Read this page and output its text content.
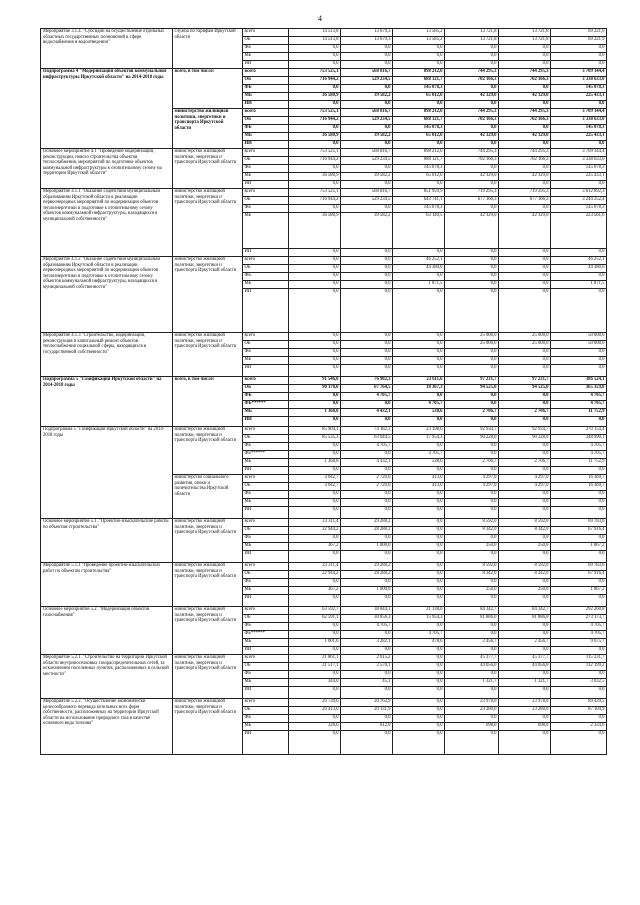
4
Мероприятие 3.1.4. "Субсидии на осуществление отдельных областных государственных полномочий в сфере водоснабжения и водоотведения"	служба по тарифам Иркутской области	всего	14 513,8	13 679,3	13 585,2	13 721,8	13 721,8	69 221,9
		ОБ	14 513,8	13 679,3	13 585,2	13 721,8	13 721,8	69 221,9
		ФБ	0,0	0,0	0,0	0,0	0,0	0,0
		МБ	0,0	0,0	0,0	0,0	0,0	0,0
		ИИ	0,0	0,0	0,0	0,0	0,0	0,0
Подпрограмма 4 "Модернизация объектов коммунальной инфраструктуры Иркутской области" на 2014-2018 годы	всего, в том числе:	всего	753 525,1	568 816,7	898 212,0	744 295,3	744 295,3	3 709 144,4
		ОБ	716 944,2	529 234,5	688 121,7	702 166,3	702 166,3	3 338 633,0
		ФБ	0,0	0,0	145 078,3	0,0	0,0	145 078,3
		МБ	36 580,9	39 582,2	65 012,0	42 129,0	42 129,0	225 433,1
		ИИ	0,0	0,0	0,0	0,0	0,0	0,0
	министерство жилищной политики, энергетики и транспорта Иркутской области	всего	753 525,1	568 816,7	898 212,0	744 295,3	744 295,3	3 709 144,4
		ОБ	716 944,2	529 234,5	688 121,7	702 166,3	702 166,3	3 338 633,0
		ФБ	0,0	0,0	145 078,3	0,0	0,0	145 078,3
		МБ	36 580,9	39 582,2	65 012,0	42 129,0	42 129,0	225 433,1
		ИИ	0,0	0,0	0,0	0,0	0,0	0,0
Основное мероприятие 4.1 "Проведение модернизации, реконструкции, нового строительства объектов теплоснабжения, мероприятий по подготовке объектов коммунальной инфраструктуры к отопительному сезону на территории Иркутской области"	министерство жилищной политики, энергетики и транспорта Иркутской области	всего	753 525,1	568 816,7	898 212,0	744 295,3	744 295,3	3 709 144,4
		ОБ	716 944,2	529 234,5	688 121,7	702 166,3	702 166,3	3 338 633,0
		ФБ	0,0	0,0	145 078,3	0,0	0,0	145 078,3
		МБ	36 580,9	39 582,2	65 012,0	42 129,0	42 129,0	225 433,1
		ИИ	0,0	0,0	0,0	0,0	0,0	0,0
Мероприятие 4.1.1 "Оказание содействия муниципальным образованиям Иркутской области в реализации первоочередных мероприятий по модернизации объектов теплоэнергетики и подготовке к отопительному сезону объектов коммунальной инфраструктуры, находящихся в муниципальной собственности"	министерство жилищной политики, энергетики и транспорта Иркутской области	всего	753 525,1	568 816,7	851 959,9	719 295,3	719 295,3	3 612 892,3
		ОБ	716 944,2	529 234,5	643 741,1	677 166,3	677 166,3	3 244 252,4
		ФБ	0,0	0,0	145 078,3	0,0	0,0	145 078,3
		МБ	36 580,9	39 582,2	63 140,5	42 129,0	42 129,0	223 561,6
		ИИ	0,0	0,0	0,0	0,0	0,0	0,0
Мероприятие 4.1.2 "Оказание содействия муниципальным образованиям Иркутской области в реализации первоочередных мероприятий по модернизации объектов теплоэнергетики и подготовке к отопительному сезону объектов коммунальной инфраструктуры, находящихся в муниципальной собственности"	министерство жилищной политики, энергетики и транспорта Иркутской области	всего	0,0	0,0	46 252,1	0,0	0,0	46 252,1
		ОБ	0,0	0,0	44 380,6	0,0	0,0	44 380,6
		ФБ	0,0	0,0	0,0	0,0	0,0	0,0
		МБ	0,0	0,0	1 871,5	0,0	0,0	1 871,5
		ИИ	0,0	0,0	0,0	0,0	0,0	0,0
Мероприятие 4.1.3 "Строительство, модернизация, реконструкция и капитальный ремонт объектов теплоснабжения социальной сферы, находящихся в государственной собственности"	министерство жилищной политики, энергетики и транспорта Иркутской области	всего	0,0	0,0	0,0	25 000,0	25 000,0	50 000,0
		ОБ	0,0	0,0	0,0	25 000,0	25 000,0	50 000,0
		ФБ	0,0	0,0	0,0	0,0	0,0	0,0
		МБ	0,0	0,0	0,0	0,0	0,0	0,0
		ИИ	0,0	0,0	0,0	0,0	0,0	0,0
Подпрограмма 5 "Газификация Иркутской области" на 2014-2018 годы	всего, в том числе:	всего	91 546,8	76 902,3	23 611,6	97 231,7	97 231,7	386 524,1
		ОБ	90 178,0	67 764,5	18 367,3	94 525,0	94 525,0	365 359,8
		ФБ	0,0	4 705,7	0,0	0,0	0,0	4 705,7
		ФБ******	0,0	0,0	4 705,7	0,0	0,0	4 705,7
		МБ	1 368,8	4 432,1	538,6	2 706,7	2 706,7	11 752,9
		ИИ	0,0	0,0	0,0	0,0	0,0	0,0
Подпрограмма 5 "Газификация Иркутской области" на 2014-2018 годы	министерство жилищной политики, энергетики и транспорта Иркутской области	всего	85 904,1	74 182,3	23 198,6	92 934,7	92 934,7	370 154,4
		ОБ	85 535,3	63 044,5	17 954,3	90 228,0	90 228,0	348 990,1
		ФБ	0,0	4 705,7	0,0	0,0	0,0	4 705,7
		ФБ******	0,0	0,0	4 705,7	0,0	0,0	4 705,7
		МБ	1 368,8	4 432,1	538,6	2 706,7	2 706,7	11 752,9
		ИИ	0,0	0,0	0,0	0,0	0,0	0,0
	министерство социального развития, опеки и попечительства Иркутской области	всего	4 642,7	2 720,0	413,0	4 297,0	4 297,0	16 369,7
		ОБ	4 642,7	2 720,0	413,0	4 297,0	4 297,0	16 369,7
		ФБ	0,0	0,0	0,0	0,0	0,0	0,0
		МБ	0,0	0,0	0,0	0,0	0,0	0,0
		ИИ	0,0	0,0	0,0	0,0	0,0	0,0
Основное мероприятие 5.1. "Проектно-изыскательские работы по объектам строительства"	министерство жилищной политики, энергетики и транспорта Иркутской области	всего	23 311,4	29 288,2	0,0	8 592,0	8 592,0	69 783,6
		ОБ	22 944,2	28 288,2	0,0	8 342,0	8 342,0	67 916,4
		ФБ	0,0	0,0	0,0	0,0	0,0	0,0
		МБ	367,2	1 000,0	0,0	250,0	250,0	1 867,2
		ИИ	0,0	0,0	0,0	0,0	0,0	0,0
Мероприятие 5.1.1 "Проведение проектно-изыскательских работ по объектам строительства"	министерство жилищной политики, энергетики и транспорта Иркутской области	всего	23 311,4	29 288,2	0,0	8 592,0	8 592,0	69 783,6
		ОБ	22 944,2	28 288,2	0,0	8 342,0	8 342,0	67 916,4
		ФБ	0,0	0,0	0,0	0,0	0,0	0,0
		МБ	367,2	1 000,0	0,0	250,0	250,0	1 867,2
		ИИ	0,0	0,0	0,0	0,0	0,0	0,0
Основное мероприятие 5.2. "Модернизация объектов газоснабжения"	министерство жилищной политики, энергетики и транспорта Иркутской области	всего	63 592,7	38 844,1	21 138,6	84 342,7	84 342,7	292 260,8
		ОБ	62 591,1	30 856,3	15 954,3	81 886,0	81 886,0	273 173,7
		ФБ	0,0	4 705,7	0,0	0,0	0,0	4 705,7
		ФБ******	0,0	0,0	4 705,7	0,0	0,0	4 705,7
		МБ	1 001,6	3 282,1	478,6	2 456,7	2 456,7	9 675,7
		ИИ	0,0	0,0	0,0	0,0	0,0	0,0
Мероприятие 5.2.1. "Строительство на территории Иркутской области внутрипоселковых газораспределительных сетей, за исключением поселенных пунктов, расположенных в сельской местности"	министерство жилищной политики, энергетики и транспорта Иркутской области	всего	21 861,1	2 615,2	0,0	45 377,7	45 377,7	115 231,7
		ОБ	21 517,1	2 570,1	0,0	44 056,0	44 056,0	112 199,2
		ФБ	0,0	0,0	0,0	0,0	0,0	0,0
		МБ	344,0	45,1	0,0	1 321,7	1 321,7	3 032,5
		ИИ	0,0	0,0	0,0	0,0	0,0	0,0
Мероприятие 5.2.2. "Осуществление экономически целесообразного перевода котельных всех форм собственности, расположенных на территории Иркутской области на использование природного газа в качестве основного вида топлива"	министерство жилищной политики, энергетики и транспорта Иркутской области	всего	20 739,6	20 763,9	0,0	23 978,0	23 978,0	89 439,5
		ОБ	20 413,0	20 131,9	0,0	23 280,0	23 280,0	87 104,9
		ФБ	0,0	0,0	0,0	0,0	0,0	0,0
		МБ	326,6	612,0	0,0	698,0	698,0	2 334,6
		ИИ	0,0	0,0	0,0	0,0	0,0	0,0
